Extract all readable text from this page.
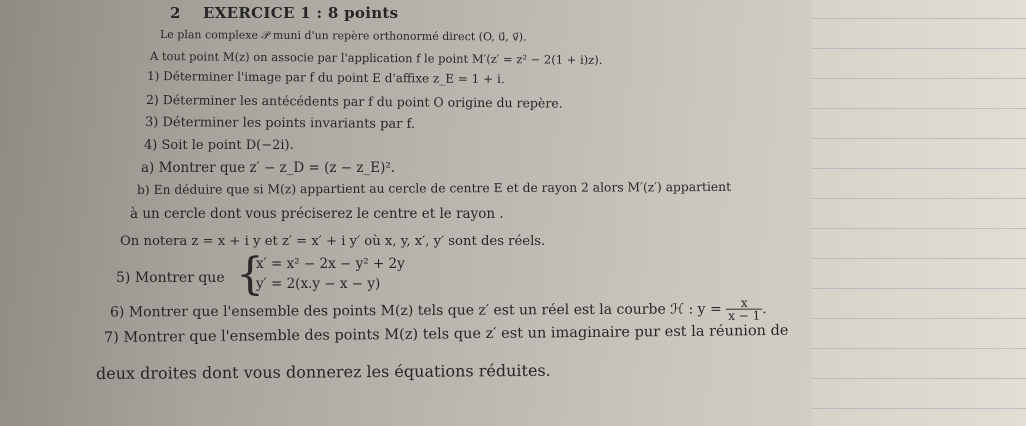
2 EXERCICE 1 : 8 points
Le plan complexe 𝒫 muni d'un repère orthonormé direct (O, u⃗, v⃗).
A tout point M(z) on associe par l'application f le point M′(z′ = z² − 2(1 + i)z).
1) Déterminer l'image par f du point E d'affixe z_E = 1 + i.
2) Déterminer les antécédents par f du point O origine du repère.
3) Déterminer les points invariants par f.
4) Soit le point D(−2i).
a) Montrer que z′ − z_D = (z − z_E)².
b) En déduire que si M(z) appartient au cercle de centre E et de rayon 2 alors M′(z′) appartient
à un cercle dont vous préciserez le centre et le rayon .
On notera z = x + i y et z′ = x′ + i y′ où x, y, x′, y′ sont des réels.
5) Montrer que {
x′ = x² − 2x − y² + 2y
y′ = 2(x.y − x − y)
6) Montrer que l'ensemble des points M(z) tels que z′ est un réel est la courbe ℋ : $y = \frac{x}{x - 1}$ .
7) Montrer que l'ensemble des points M(z) tels que z′ est un imaginaire pur est la réunion de
deux droites dont vous donnerez les équations réduites.
